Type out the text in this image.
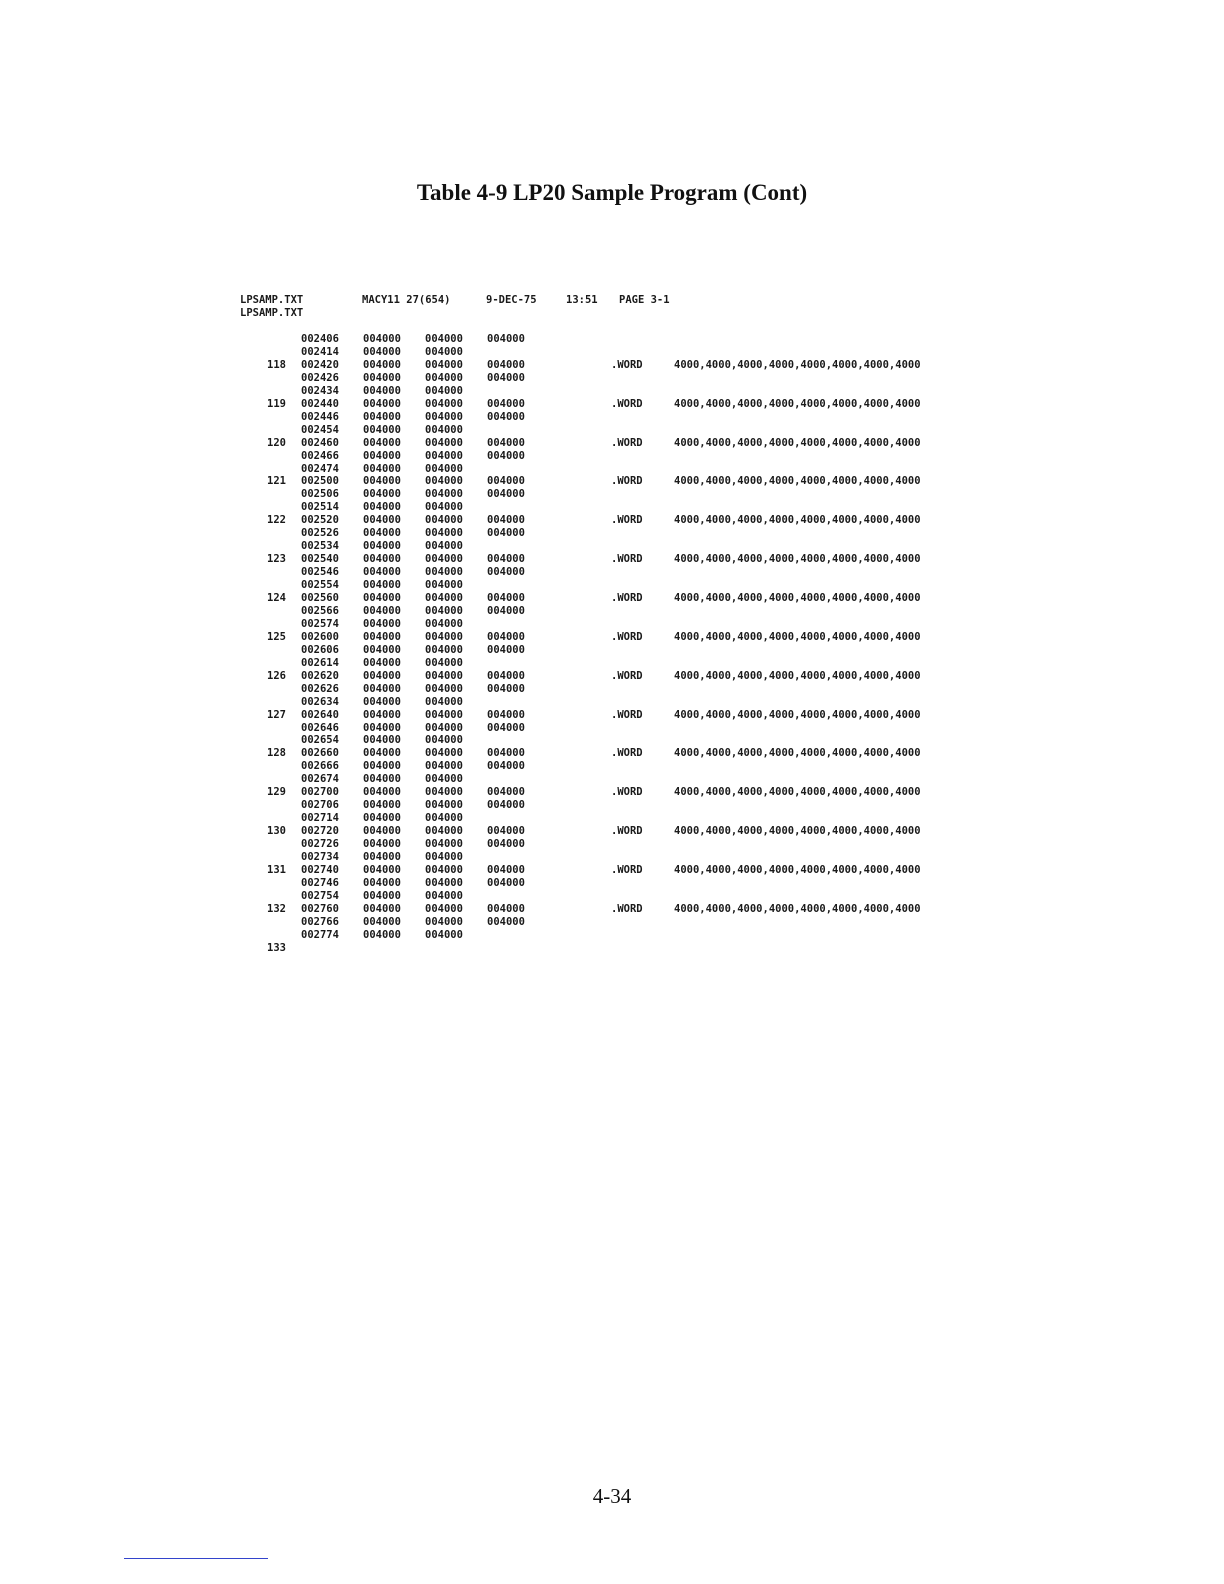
Table 4-9 LP20 Sample Program (Cont)
LPSAMP.TXT	MACY11 27(654)	9-DEC-75	13:51 PAGE 3-1
LPSAMP.TXT
002406 004000 004000 004000
002414 004000 004000
118 002420 004000 004000 004000	.WORD	4000,4000,4000,4000,4000,4000,4000,4000
002426 004000 004000 004000
002434 004000 004000
119 002440 004000 004000 004000	.WORD	4000,4000,4000,4000,4000,4000,4000,4000
002446 004000 004000 004000
002454 004000 004000
120 002460 004000 004000 004000	.WORD	4000,4000,4000,4000,4000,4000,4000,4000
002466 004000 004000 004000
002474 004000 004000
121 002500 004000 004000 004000	.WORD	4000,4000,4000,4000,4000,4000,4000,4000
002506 004000 004000 004000
002514 004000 004000
122 002520 004000 004000 004000	.WORD	4000,4000,4000,4000,4000,4000,4000,4000
002526 004000 004000 004000
002534 004000 004000
123 002540 004000 004000 004000	.WORD	4000,4000,4000,4000,4000,4000,4000,4000
002546 004000 004000 004000
002554 004000 004000
124 002560 004000 004000 004000	.WORD	4000,4000,4000,4000,4000,4000,4000,4000
002566 004000 004000 004000
002574 004000 004000
125 002600 004000 004000 004000	.WORD	4000,4000,4000,4000,4000,4000,4000,4000
002606 004000 004000 004000
002614 004000 004000
126 002620 004000 004000 004000	.WORD	4000,4000,4000,4000,4000,4000,4000,4000
002626 004000 004000 004000
002634 004000 004000
127 002640 004000 004000 004000	.WORD	4000,4000,4000,4000,4000,4000,4000,4000
002646 004000 004000 004000
002654 004000 004000
128 002660 004000 004000 004000	.WORD	4000,4000,4000,4000,4000,4000,4000,4000
002666 004000 004000 004000
002674 004000 004000
129 002700 004000 004000 004000	.WORD	4000,4000,4000,4000,4000,4000,4000,4000
002706 004000 004000 004000
002714 004000 004000
130 002720 004000 004000 004000	.WORD	4000,4000,4000,4000,4000,4000,4000,4000
002726 004000 004000 004000
002734 004000 004000
131 002740 004000 004000 004000	.WORD	4000,4000,4000,4000,4000,4000,4000,4000
002746 004000 004000 004000
002754 004000 004000
132 002760 004000 004000 004000	.WORD	4000,4000,4000,4000,4000,4000,4000,4000
002766 004000 004000 004000
002774 004000 004000
133
4-34
